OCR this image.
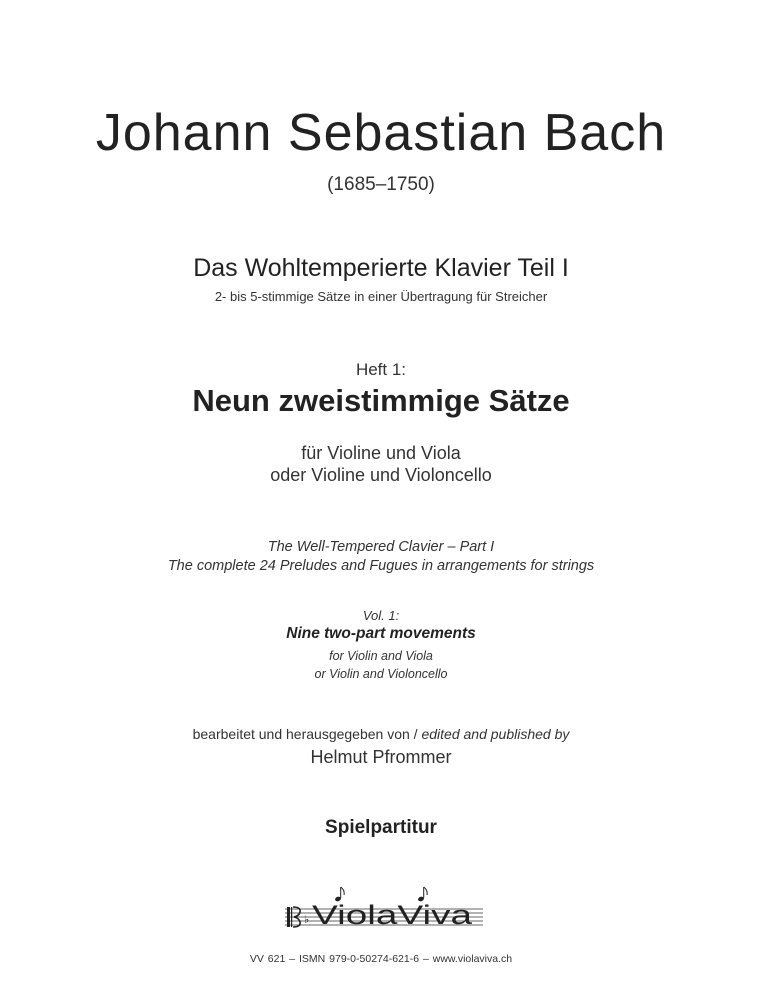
Johann Sebastian Bach
(1685–1750)
Das Wohltemperierte Klavier Teil I
2- bis 5-stimmige Sätze in einer Übertragung für Streicher
Heft 1:
Neun zweistimmige Sätze
für Violine und Viola
oder Violine und Violoncello
The Well-Tempered Clavier – Part I
The complete 24 Preludes and Fugues in arrangements for strings
Vol. 1:
Nine two-part movements
for Violin and Viola
or Violin and Violoncello
bearbeitet und herausgegeben von / edited and published by
Helmut Pfrommer
Spielpartitur
♭ ViolaViva
VV 621 – ISMN 979-0-50274-621-6 – www.violaviva.ch
